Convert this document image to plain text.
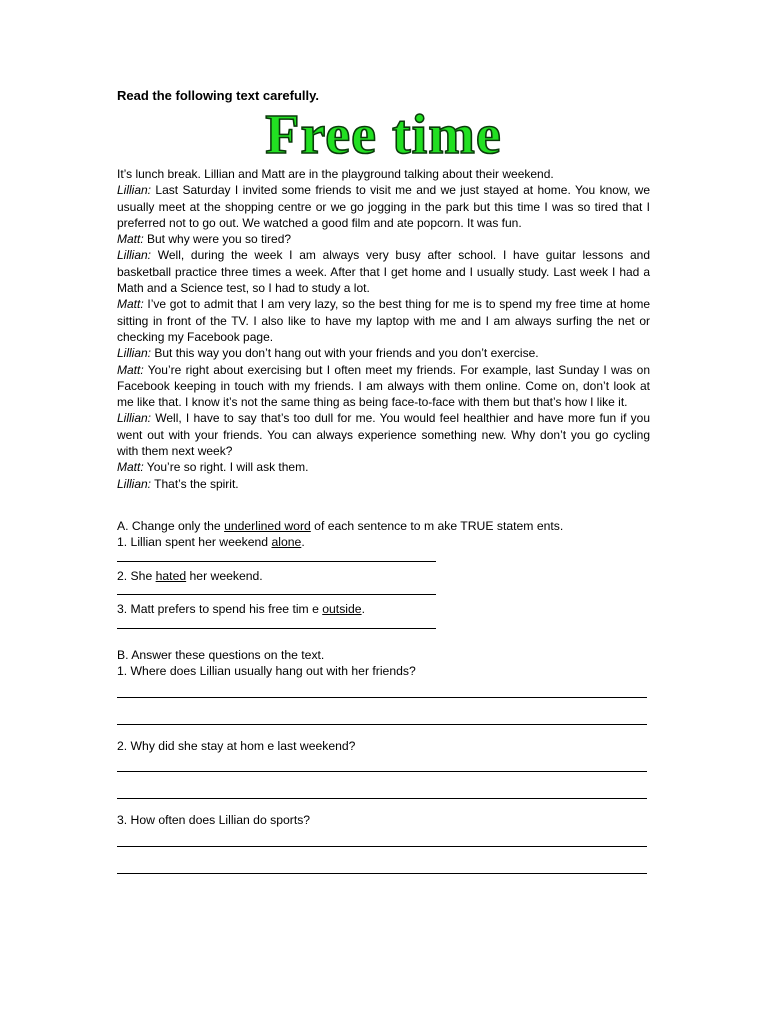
Read the following text carefully.

Free time

It’s lunch break. Lillian and Matt are in the playground talking about their weekend.

Lillian: Last Saturday I invited some friends to visit me and we just stayed at home. You know, we usually meet at the shopping centre or we go jogging in the park but this time I was so tired that I preferred not to go out. We watched a good film and ate popcorn. It was fun.

Matt: But why were you so tired?

Lillian: Well, during the week I am always very busy after school. I have guitar lessons and basketball practice three times a week. After that I get home and I usually study. Last week I had a Math and a Science test, so I had to study a lot.

Matt: I’ve got to admit that I am very lazy, so the best thing for me is to spend my free time at home sitting in front of the TV. I also like to have my laptop with me and I am always surfing the net or checking my Facebook page.

Lillian: But this way you don’t hang out with your friends and you don’t exercise.

Matt: You’re right about exercising but I often meet my friends. For example, last Sunday I was on Facebook keeping in touch with my friends. I am always with them online. Come on, don’t look at me like that. I know it’s not the same thing as being face-to-face with them but that’s how I like it.

Lillian: Well, I have to say that’s too dull for me. You would feel healthier and have more fun if you went out with your friends. You can always experience something new. Why don’t you go cycling with them next week?

Matt: You’re so right. I will ask them.

Lillian: That’s the spirit.

A. Change only the underlined word of each sentence to m ake TRUE statem ents.

1. Lillian spent her weekend alone.

2. She hated her weekend.

3. Matt prefers to spend his free tim e outside.

B. Answer these questions on the text.

1. Where does Lillian usually hang out with her friends?

2. Why did she stay at hom e last weekend?

3. How often does Lillian do sports?
